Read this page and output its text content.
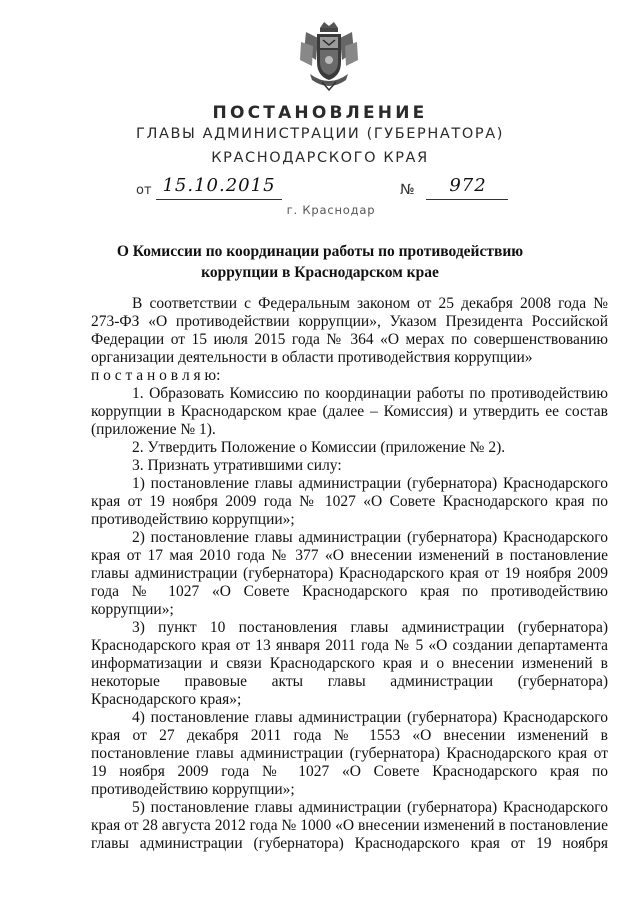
ПОСТАНОВЛЕНИЕ
ГЛАВЫ АДМИНИСТРАЦИИ (ГУБЕРНАТОРА)
КРАСНОДАРСКОГО КРАЯ
от 15.10.2015	№	972
г. Краснодар
О Комиссии по координации работы по противодействию
коррупции в Краснодарском крае

В соответствии с Федеральным законом от 25 декабря 2008 года № 273-ФЗ «О противодействии коррупции», Указом Президента Российской Федерации от 15 июля 2015 года № 364 «О мерах по совершенствованию организации деятельности в области противодействия коррупции»

п о с т а н о в л я ю:

1. Образовать Комиссию по координации работы по противодействию коррупции в Краснодарском крае (далее – Комиссия) и утвердить ее состав (приложение № 1).

2. Утвердить Положение о Комиссии (приложение № 2).

3. Признать утратившими силу:

1) постановление главы администрации (губернатора) Краснодарского края от 19 ноября 2009 года № 1027 «О Совете Краснодарского края по противодействию коррупции»;

2) постановление главы администрации (губернатора) Краснодарского края от 17 мая 2010 года № 377 «О внесении изменений в постановление главы администрации (губернатора) Краснодарского края от 19 ноября 2009 года № 1027 «О Совете Краснодарского края по противодействию коррупции»;

3) пункт 10 постановления главы администрации (губернатора) Краснодарского края от 13 января 2011 года № 5 «О создании департамента информатизации и связи Краснодарского края и о внесении изменений в некоторые правовые акты главы администрации (губернатора) Краснодарского края»;

4) постановление главы администрации (губернатора) Краснодарского края от 27 декабря 2011 года № 1553 «О внесении изменений в постановление главы администрации (губернатора) Краснодарского края от 19 ноября 2009 года № 1027 «О Совете Краснодарского края по противодействию коррупции»;

5) постановление главы администрации (губернатора) Краснодарского края от 28 августа 2012 года № 1000 «О внесении изменений в постановление главы администрации (губернатора) Краснодарского края от 19 ноября
